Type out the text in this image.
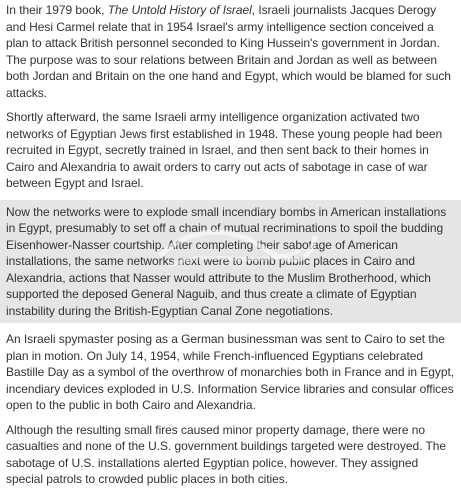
In their 1979 book, The Untold History of Israel, Israeli journalists Jacques Derogy and Hesi Carmel relate that in 1954 Israel's army intelligence section conceived a plan to attack British personnel seconded to King Hussein's government in Jordan. The purpose was to sour relations between Britain and Jordan as well as between both Jordan and Britain on the one hand and Egypt, which would be blamed for such attacks.

Shortly afterward, the same Israeli army intelligence organization activated two networks of Egyptian Jews first established in 1948. These young people had been recruited in Egypt, secretly trained in Israel, and then sent back to their homes in Cairo and Alexandria to await orders to carry out acts of sabotage in case of war between Egypt and Israel.

Now the networks were to explode small incendiary bombs in American installations in Egypt, presumably to set off a chain of mutual recriminations to spoil the budding Eisenhower-Nasser courtship. After completing their sabotage of American installations, the same networks next were to bomb public places in Cairo and Alexandria, actions that Nasser would attribute to the Muslim Brotherhood, which supported the deposed General Naguib, and thus create a climate of Egyptian instability during the British-Egyptian Canal Zone negotiations.

An Israeli spymaster posing as a German businessman was sent to Cairo to set the plan in motion. On July 14, 1954, while French-influenced Egyptians celebrated Bastille Day as a symbol of the overthrow of monarchies both in France and in Egypt, incendiary devices exploded in U.S. Information Service libraries and consular offices open to the public in both Cairo and Alexandria.

Although the resulting small fires caused minor property damage, there were no casualties and none of the U.S. government buildings targeted were destroyed. The sabotage of U.S. installations alerted Egyptian police, however. They assigned special patrols to crowded public places in both cities.
